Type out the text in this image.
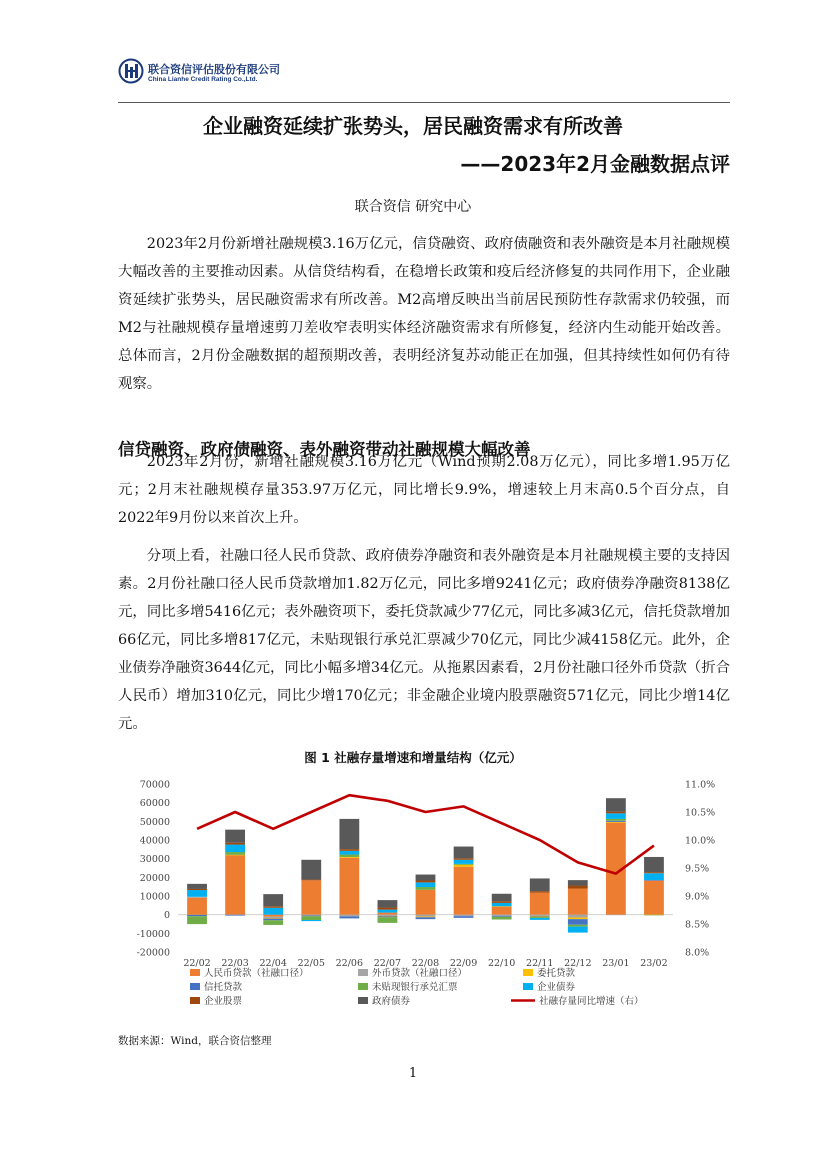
联合资信评估股份有限公司
China Lianhe Credit Rating Co.,Ltd.
企业融资延续扩张势头，居民融资需求有所改善
——2023年2月金融数据点评
联合资信 研究中心

2023年2月份新增社融规模3.16万亿元，信贷融资、政府债融资和表外融资是本月社融规模大幅改善的主要推动因素。从信贷结构看，在稳增长政策和疫后经济修复的共同作用下，企业融资延续扩张势头，居民融资需求有所改善。M2高增反映出当前居民预防性存款需求仍较强，而M2与社融规模存量增速剪刀差收窄表明实体经济融资需求有所修复，经济内生动能开始改善。总体而言，2月份金融数据的超预期改善，表明经济复苏动能正在加强，但其持续性如何仍有待观察。

信贷融资、政府债融资、表外融资带动社融规模大幅改善

2023年2月份，新增社融规模3.16万亿元（Wind预期2.08万亿元），同比多增1.95万亿元；2月末社融规模存量353.97万亿元，同比增长9.9%，增速较上月末高0.5个百分点，自2022年9月份以来首次上升。

分项上看，社融口径人民币贷款、政府债券净融资和表外融资是本月社融规模主要的支持因素。2月份社融口径人民币贷款增加1.82万亿元，同比多增9241亿元；政府债券净融资8138亿元，同比多增5416亿元；表外融资项下，委托贷款减少77亿元，同比多减3亿元，信托贷款增加66亿元，同比多增817亿元，未贴现银行承兑汇票减少70亿元，同比少减4158亿元。此外，企业债券净融资3644亿元，同比小幅多增34亿元。从拖累因素看，2月份社融口径外币贷款（折合人民币）增加310亿元，同比少增170亿元；非金融企业境内股票融资571亿元，同比少增14亿元。

图 1 社融存量增速和增量结构（亿元）
70000
60000
50000
40000
30000
20000
10000
0
-10000
-20000
11.0%
10.5%
10.0%
9.5%
9.0%
8.5%
8.0%
22/02 22/03 22/04 22/05 22/06 22/07 22/08 22/09 22/10 22/11 22/12 23/01 23/02
人民币贷款（社融口径）	外币贷款（社融口径）	委托贷款
信托贷款	未贴现银行承兑汇票	企业债券
企业股票	政府债券	社融存量同比增速（右）
数据来源：Wind，联合资信整理
1
